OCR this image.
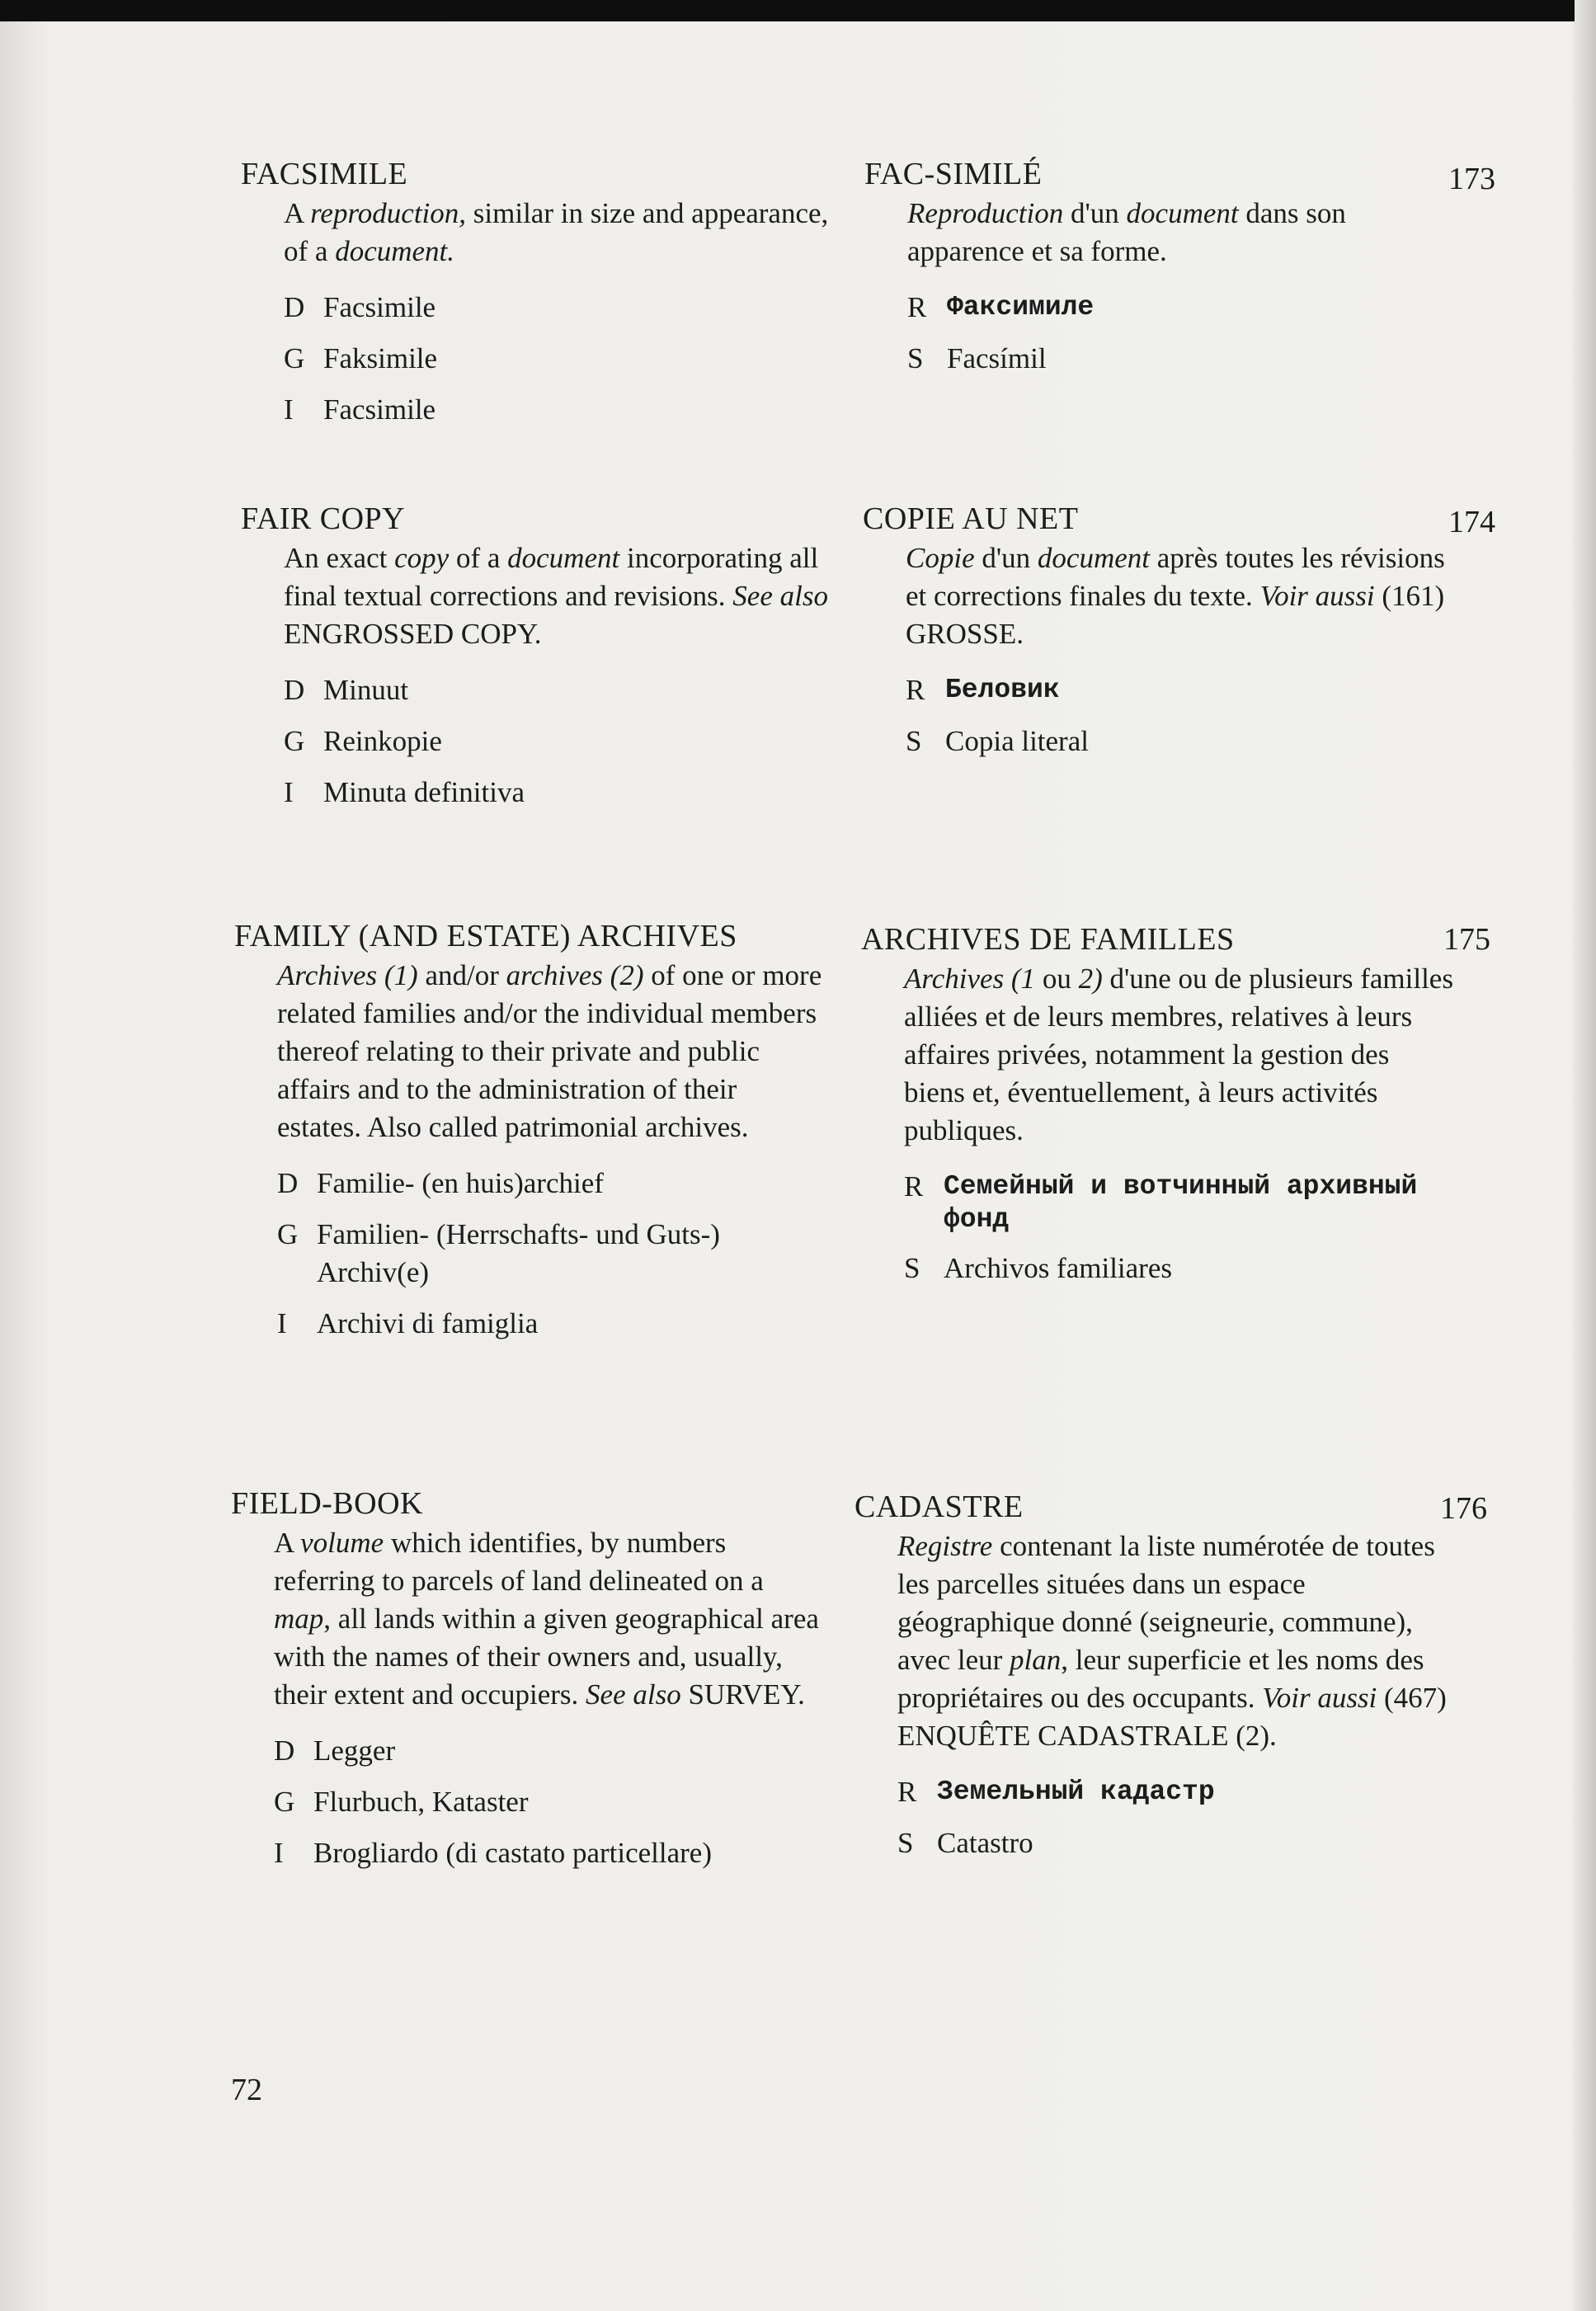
FACSIMILE
A reproduction, similar in size and appearance, of a document.
D Facsimile
G Faksimile
I	Facsimile
FAC-SIMILÉ
Reproduction d'un document dans son apparence et sa forme.
R Факсимиле
S Facsímil
173
FAIR COPY
An exact copy of a document incorporating all final textual corrections and revisions. See also ENGROSSED COPY.
D Minuut
G Reinkopie
I	Minuta definitiva
COPIE AU NET
Copie d'un document après toutes les révisions et corrections finales du texte. Voir aussi (161) GROSSE.
R Беловик
S Copia literal
174
FAMILY (AND ESTATE) ARCHIVES
Archives (1) and/or archives (2) of one or more related families and/or the individual members thereof relating to their private and public affairs and to the administration of their estates. Also called patrimonial archives.
D Familie- (en huis)archief
G Familien- (Herrschafts- und Guts-) Archiv(e)
I	Archivi di famiglia
ARCHIVES DE FAMILLES
Archives (1 ou 2) d'une ou de plusieurs familles alliées et de leurs membres, relatives à leurs affaires privées, notamment la gestion des biens et, éventuellement, à leurs activités publiques.
R Семейный и вотчинный архивный фонд
S Archivos familiares
175
FIELD-BOOK
A volume which identifies, by numbers referring to parcels of land delineated on a map, all lands within a given geographical area with the names of their owners and, usually, their extent and occupiers. See also SURVEY.
D Legger
G Flurbuch, Kataster
I	Brogliardo (di castato particellare)
CADASTRE
Registre contenant la liste numérotée de toutes les parcelles situées dans un espace géographique donné (seigneurie, commune), avec leur plan, leur superficie et les noms des propriétaires ou des occupants. Voir aussi (467) ENQUÊTE CADASTRALE (2).
R Земельный кадастр
S Catastro
176
72
